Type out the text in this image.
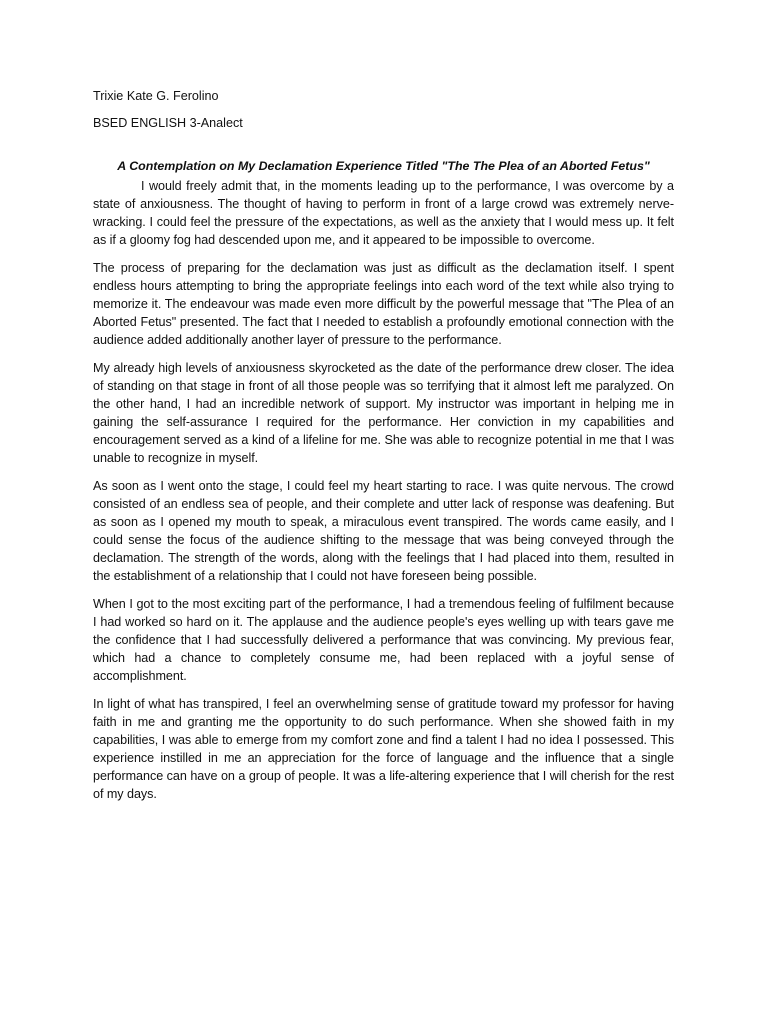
Trixie Kate G. Ferolino

BSED ENGLISH 3-Analect

A Contemplation on My Declamation Experience Titled "The The Plea of an Aborted Fetus"

I would freely admit that, in the moments leading up to the performance, I was overcome by a state of anxiousness. The thought of having to perform in front of a large crowd was extremely nerve-wracking. I could feel the pressure of the expectations, as well as the anxiety that I would mess up. It felt as if a gloomy fog had descended upon me, and it appeared to be impossible to overcome.

The process of preparing for the declamation was just as difficult as the declamation itself. I spent endless hours attempting to bring the appropriate feelings into each word of the text while also trying to memorize it. The endeavour was made even more difficult by the powerful message that "The Plea of an Aborted Fetus" presented. The fact that I needed to establish a profoundly emotional connection with the audience added additionally another layer of pressure to the performance.

My already high levels of anxiousness skyrocketed as the date of the performance drew closer. The idea of standing on that stage in front of all those people was so terrifying that it almost left me paralyzed. On the other hand, I had an incredible network of support. My instructor was important in helping me in gaining the self-assurance I required for the performance. Her conviction in my capabilities and encouragement served as a kind of a lifeline for me. She was able to recognize potential in me that I was unable to recognize in myself.

As soon as I went onto the stage, I could feel my heart starting to race. I was quite nervous. The crowd consisted of an endless sea of people, and their complete and utter lack of response was deafening. But as soon as I opened my mouth to speak, a miraculous event transpired. The words came easily, and I could sense the focus of the audience shifting to the message that was being conveyed through the declamation. The strength of the words, along with the feelings that I had placed into them, resulted in the establishment of a relationship that I could not have foreseen being possible.

When I got to the most exciting part of the performance, I had a tremendous feeling of fulfilment because I had worked so hard on it. The applause and the audience people's eyes welling up with tears gave me the confidence that I had successfully delivered a performance that was convincing. My previous fear, which had a chance to completely consume me, had been replaced with a joyful sense of accomplishment.

In light of what has transpired, I feel an overwhelming sense of gratitude toward my professor for having faith in me and granting me the opportunity to do such performance. When she showed faith in my capabilities, I was able to emerge from my comfort zone and find a talent I had no idea I possessed. This experience instilled in me an appreciation for the force of language and the influence that a single performance can have on a group of people. It was a life-altering experience that I will cherish for the rest of my days.
